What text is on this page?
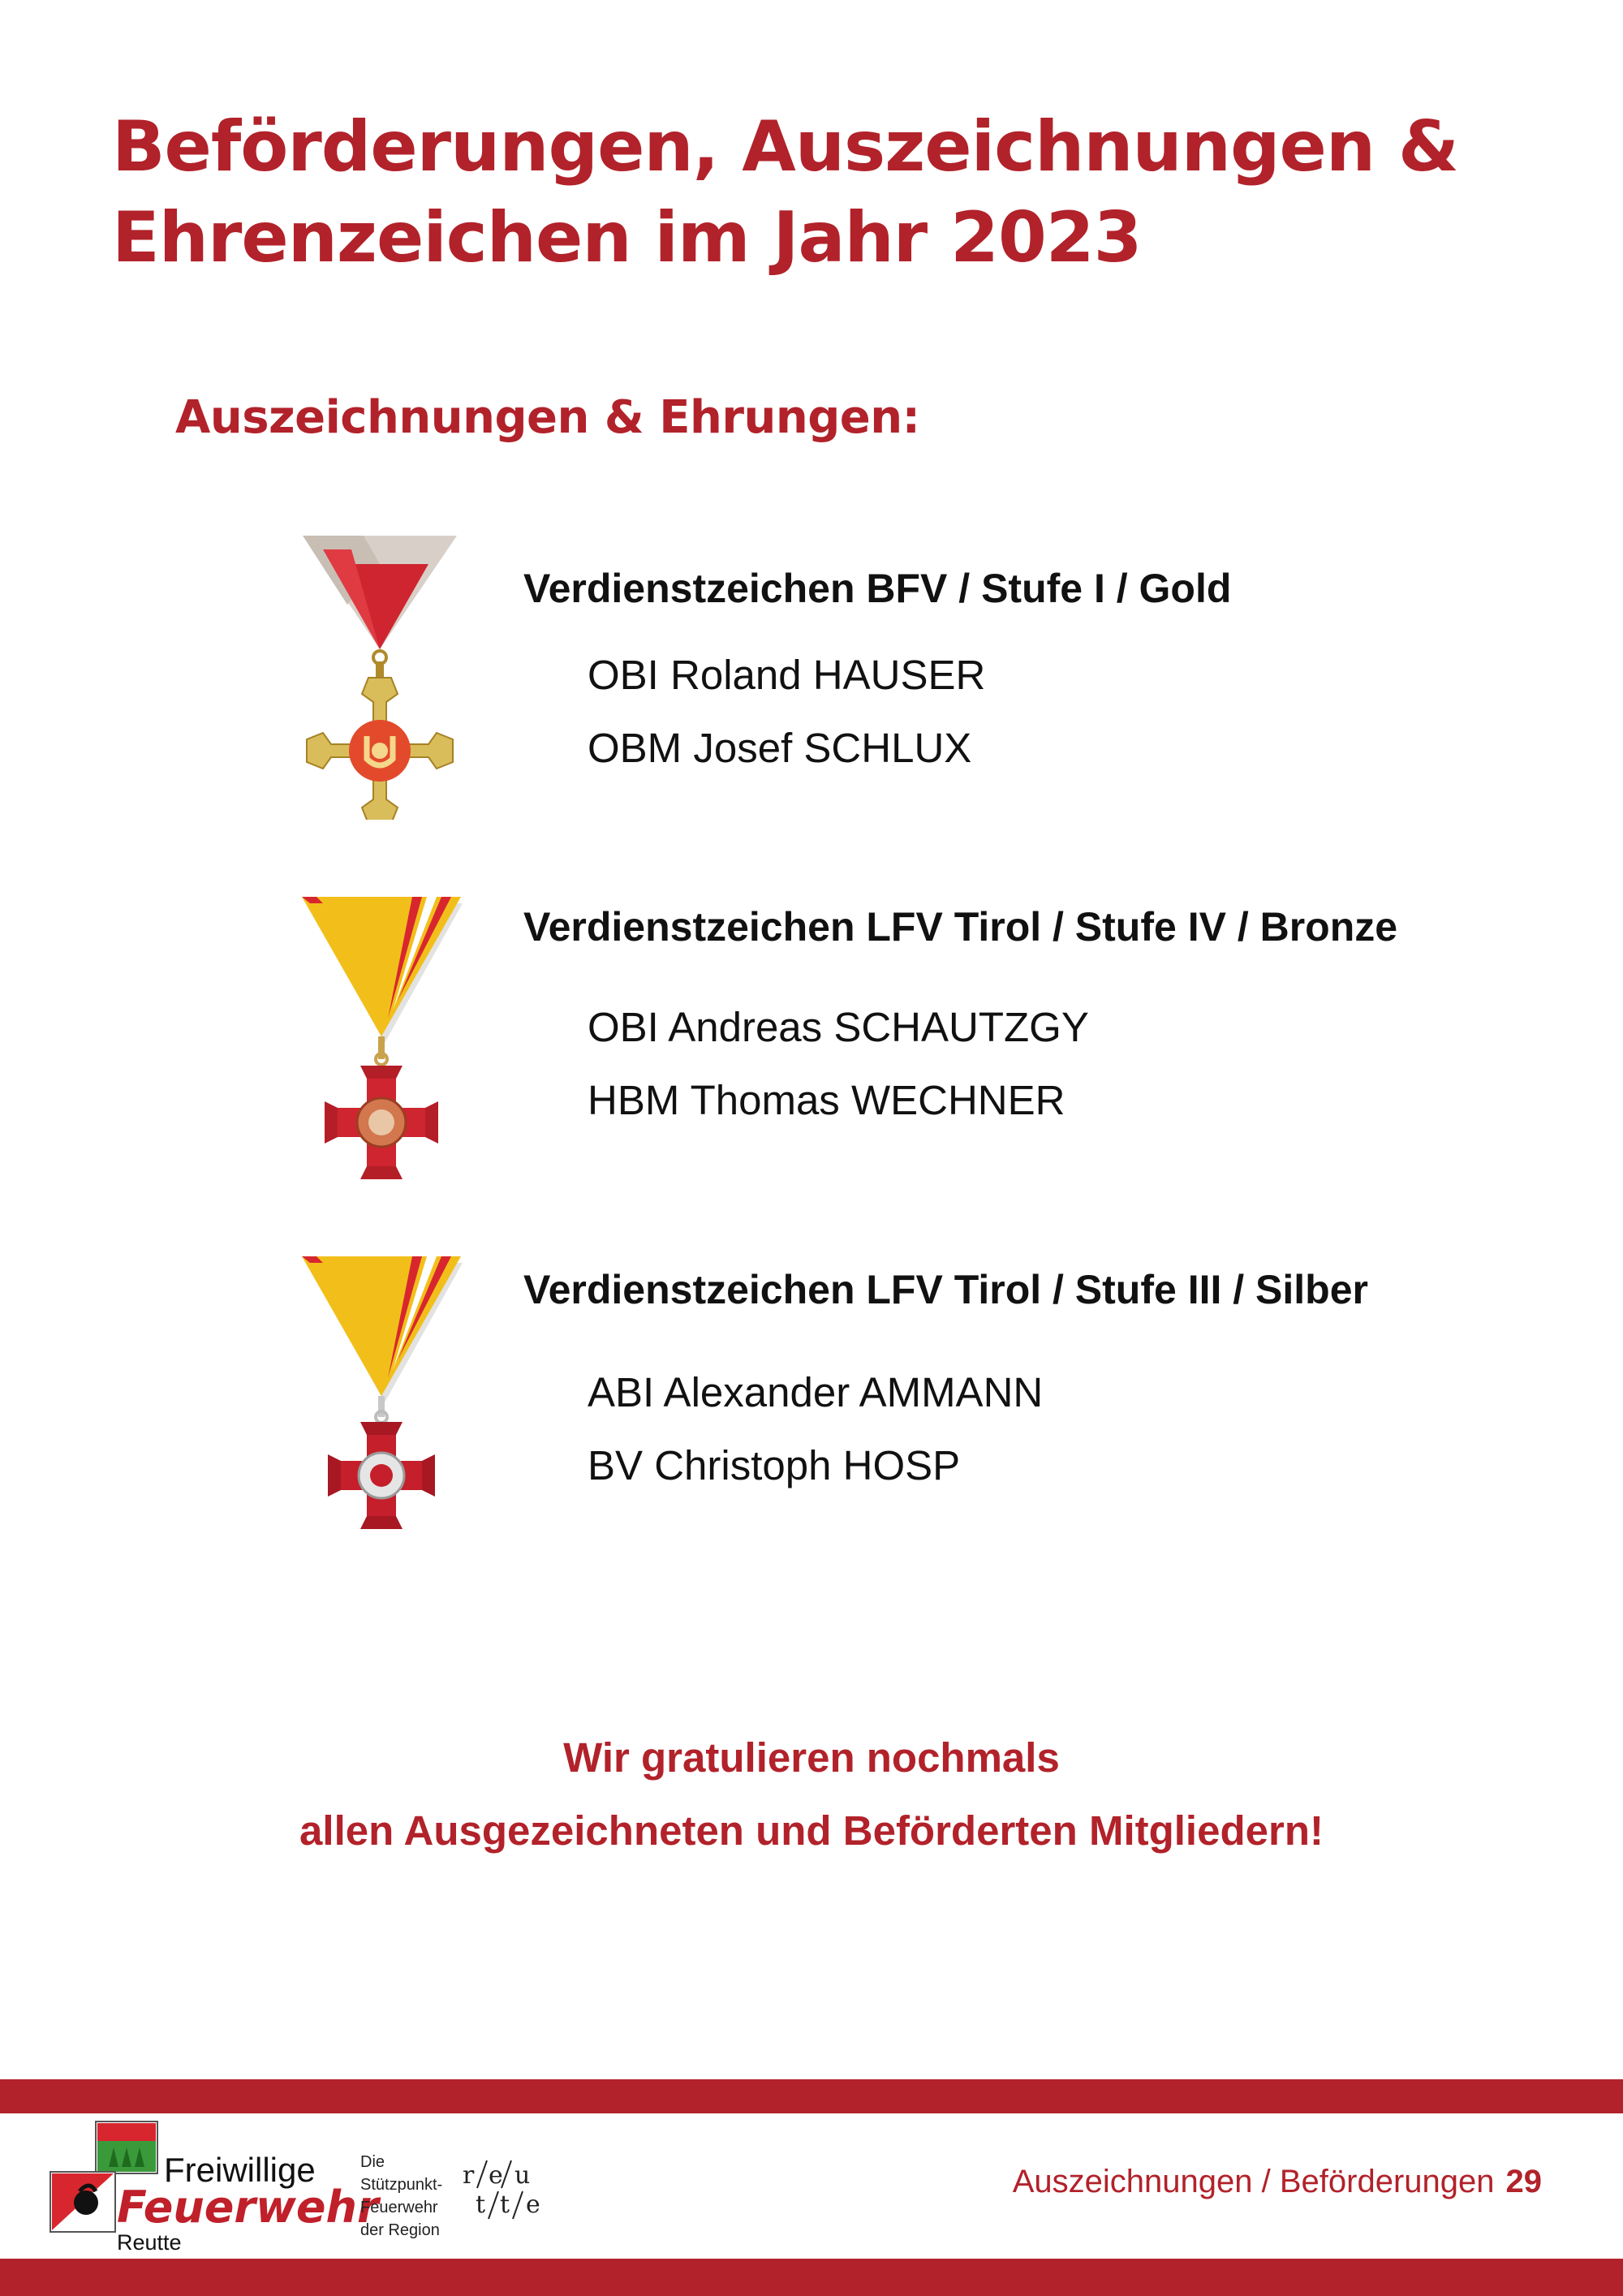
Beförderungen, Auszeichnungen &
Ehrenzeichen im Jahr 2023
Auszeichnungen & Ehrungen:
Verdienstzeichen BFV / Stufe I / Gold
OBI Roland HAUSER
OBM Josef SCHLUX
Verdienstzeichen LFV Tirol / Stufe IV / Bronze
OBI Andreas SCHAUTZGY
HBM Thomas WECHNER
Verdienstzeichen LFV Tirol / Stufe III / Silber
ABI Alexander AMMANN
BV Christoph HOSP
Wir gratulieren nochmals
allen Ausgezeichneten und Beförderten Mitgliedern!
Freiwillige
Feuerwehr
Reutte
Die
Stützpunkt-
Feuerwehr
der Region
r e u
t t e
Auszeichnungen / Beförderungen 29
